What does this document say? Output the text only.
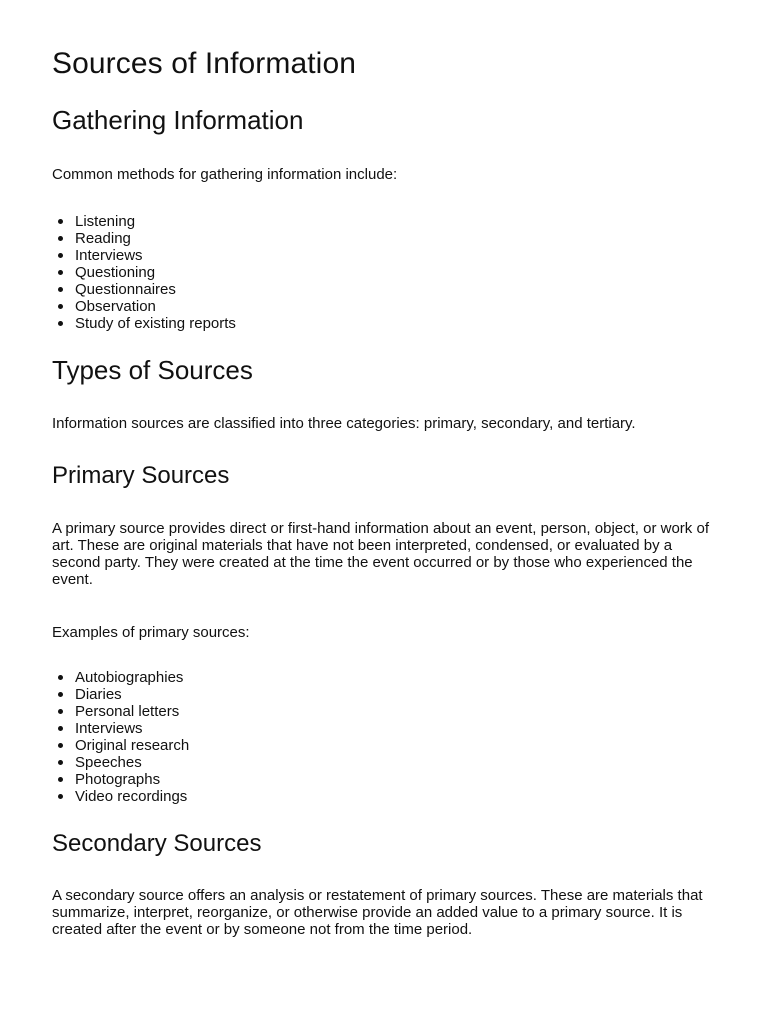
Sources of Information
Gathering Information

Common methods for gathering information include:

Listening
Reading
Interviews
Questioning
Questionnaires
Observation
Study of existing reports
Types of Sources

Information sources are classified into three categories: primary, secondary, and tertiary.

Primary Sources

A primary source provides direct or first-hand information about an event, person, object, or work of art. These are original materials that have not been interpreted, condensed, or evaluated by a second party. They were created at the time the event occurred or by those who experienced the event.

Examples of primary sources:

Autobiographies
Diaries
Personal letters
Interviews
Original research
Speeches
Photographs
Video recordings
Secondary Sources

A secondary source offers an analysis or restatement of primary sources. These are materials that summarize, interpret, reorganize, or otherwise provide an added value to a primary source. It is created after the event or by someone not from the time period.
